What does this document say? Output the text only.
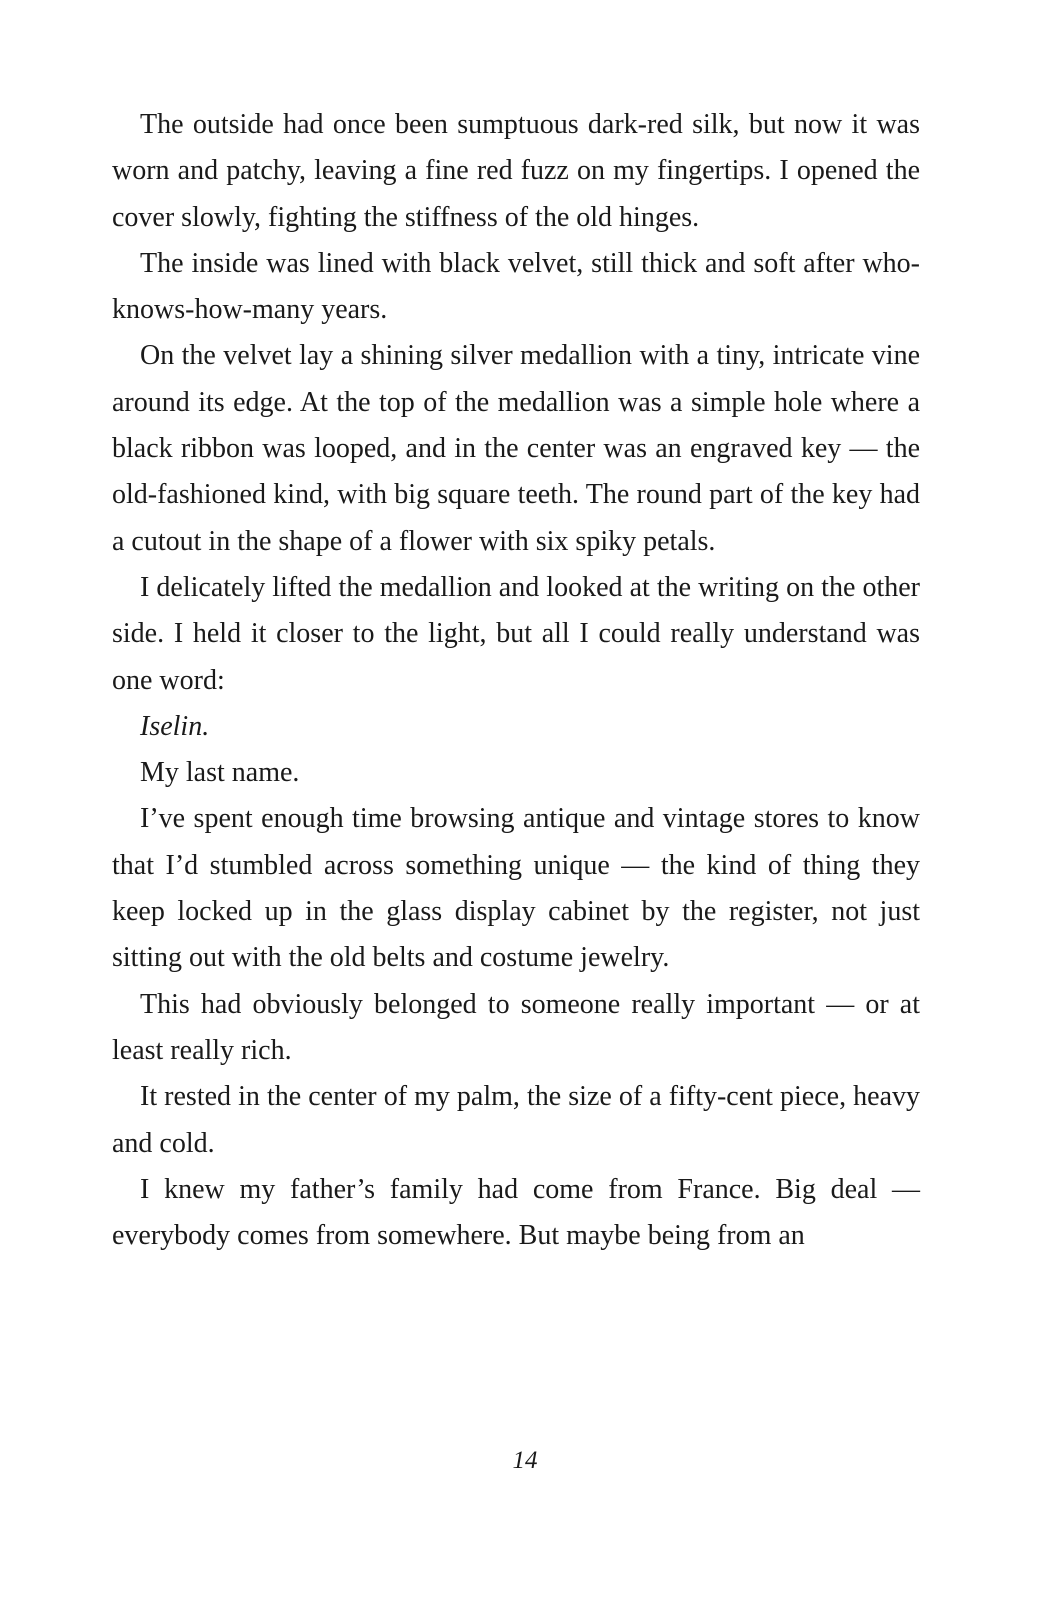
The outside had once been sumptuous dark-red silk, but now it was worn and patchy, leaving a fine red fuzz on my fingertips. I opened the cover slowly, fighting the stiffness of the old hinges.

The inside was lined with black velvet, still thick and soft after who-knows-how-many years.

On the velvet lay a shining silver medallion with a tiny, intricate vine around its edge. At the top of the medallion was a simple hole where a black ribbon was looped, and in the center was an engraved key — the old-fashioned kind, with big square teeth. The round part of the key had a cutout in the shape of a flower with six spiky petals.

I delicately lifted the medallion and looked at the writing on the other side. I held it closer to the light, but all I could really understand was one word:

Iselin.

My last name.

I’ve spent enough time browsing antique and vintage stores to know that I’d stumbled across something unique — the kind of thing they keep locked up in the glass display cabinet by the register, not just sitting out with the old belts and costume jewelry.

This had obviously belonged to someone really important — or at least really rich.

It rested in the center of my palm, the size of a fifty-cent piece, heavy and cold.

I knew my father’s family had come from France. Big deal — everybody comes from somewhere. But maybe being from an

14
